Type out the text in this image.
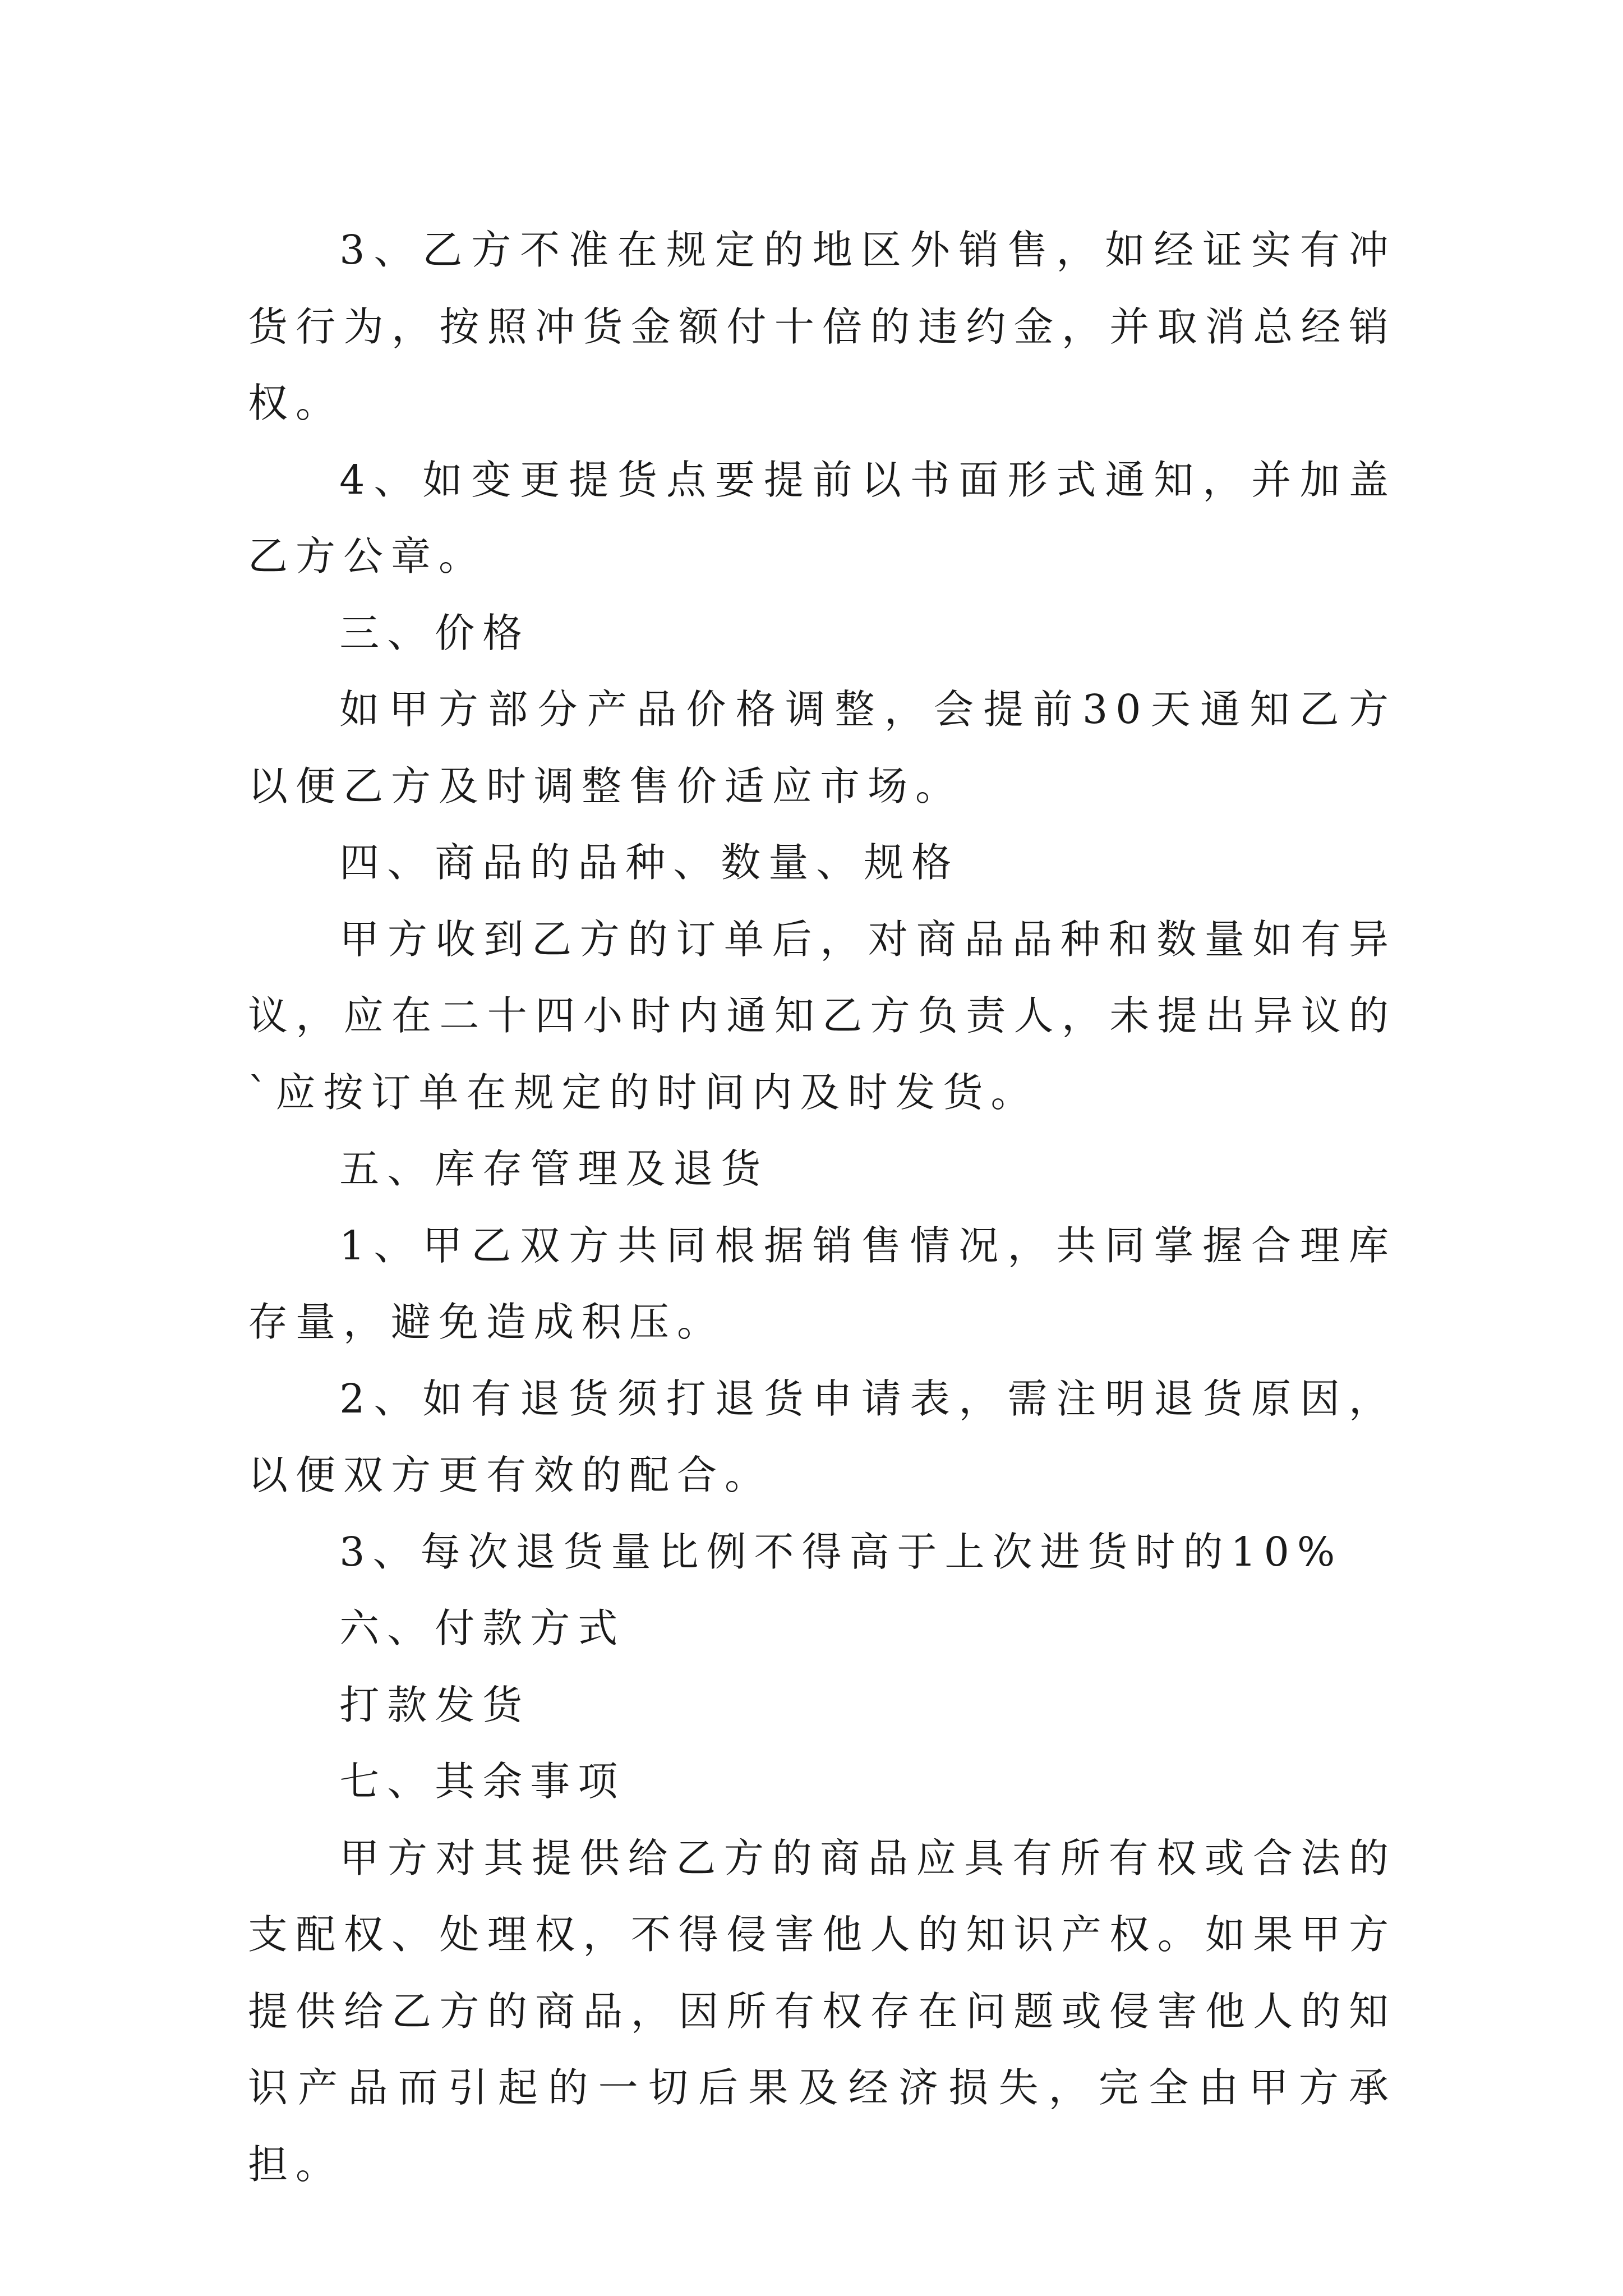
3、乙方不准在规定的地区外销售，如经证实有冲货行为，按照冲货金额付十倍的违约金，并取消总经销权。

4、如变更提货点要提前以书面形式通知，并加盖乙方公章。

三、价格

如甲方部分产品价格调整，会提前30天通知乙方以便乙方及时调整售价适应市场。

四、商品的品种、数量、规格

甲方收到乙方的订单后，对商品品种和数量如有异议，应在二十四小时内通知乙方负责人，未提出异议的`应按订单在规定的时间内及时发货。

五、库存管理及退货

1、甲乙双方共同根据销售情况，共同掌握合理库存量，避免造成积压。

2、如有退货须打退货申请表，需注明退货原因，以便双方更有效的配合。

3、每次退货量比例不得高于上次进货时的10%

六、付款方式

打款发货

七、其余事项

甲方对其提供给乙方的商品应具有所有权或合法的支配权、处理权，不得侵害他人的知识产权。如果甲方提供给乙方的商品，因所有权存在问题或侵害他人的知识产品而引起的一切后果及经济损失，完全由甲方承担。
